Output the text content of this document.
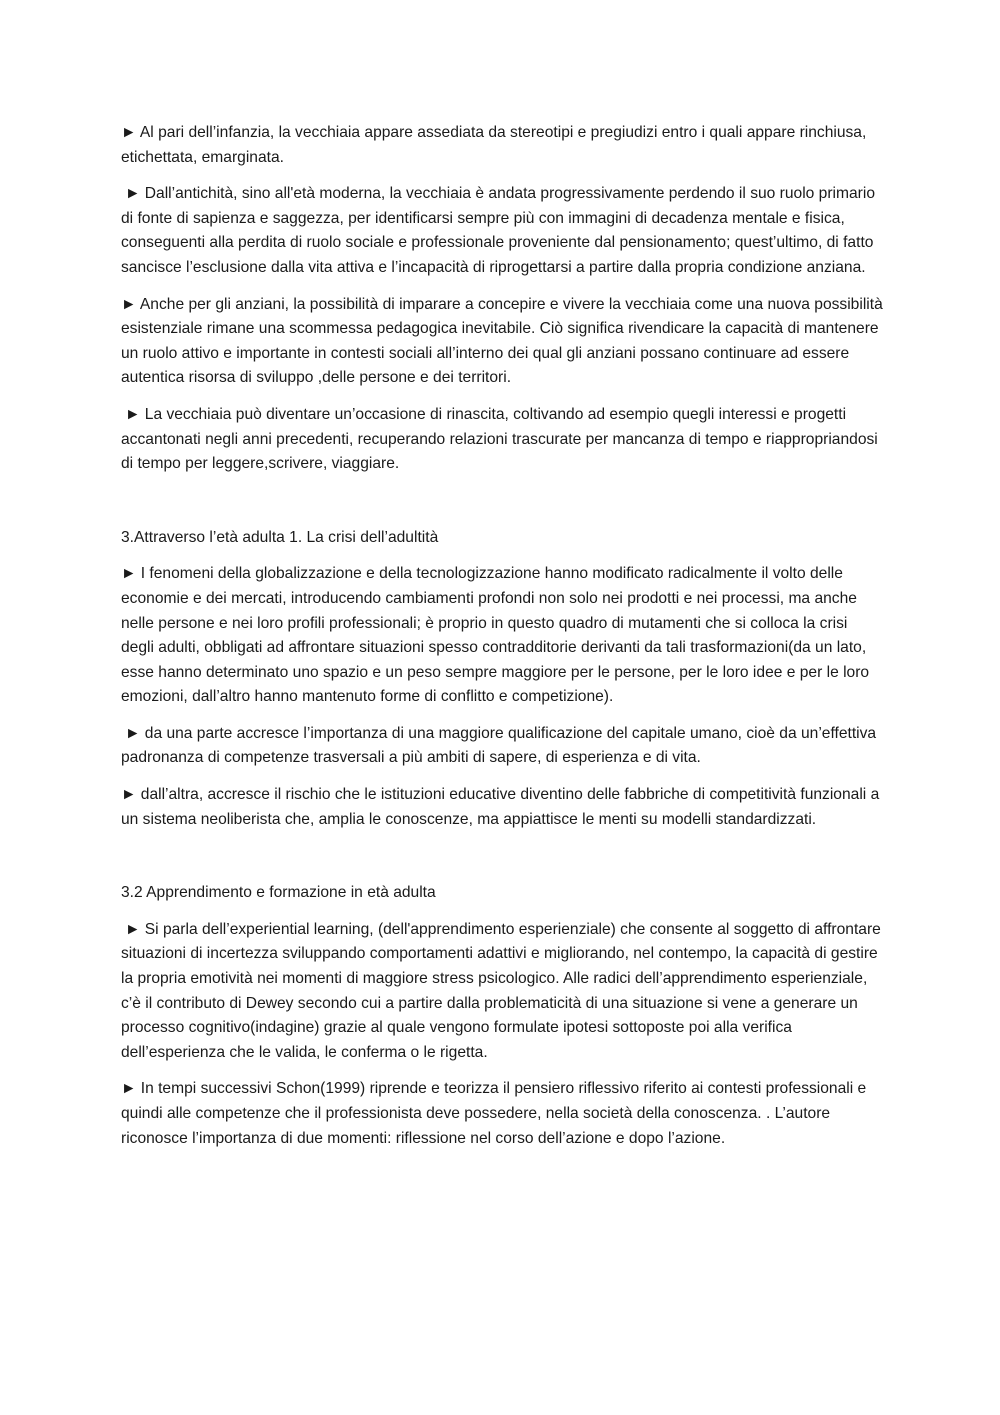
► Al pari dell’infanzia, la vecchiaia appare assediata da stereotipi e pregiudizi entro i quali appare rinchiusa, etichettata, emarginata.

► Dall’antichità, sino all'età moderna, la vecchiaia è andata progressivamente perdendo il suo ruolo primario di fonte di sapienza e saggezza, per identificarsi sempre più con immagini di decadenza mentale e fisica, conseguenti alla perdita di ruolo sociale e professionale proveniente dal pensionamento; quest’ultimo, di fatto sancisce l’esclusione dalla vita attiva e l’incapacità di riprogettarsi a partire dalla propria condizione anziana.

► Anche per gli anziani, la possibilità di imparare a concepire e vivere la vecchiaia come una nuova possibilità esistenziale rimane una scommessa pedagogica inevitabile. Ciò significa rivendicare la capacità di mantenere un ruolo attivo e importante in contesti sociali all’interno dei qual gli anziani possano continuare ad essere autentica risorsa di sviluppo ,delle persone e dei territori.

► La vecchiaia può diventare un’occasione di rinascita, coltivando ad esempio quegli interessi e progetti accantonati negli anni precedenti, recuperando relazioni trascurate per mancanza di tempo e riappropriandosi di tempo per leggere,scrivere, viaggiare.

3.Attraverso l’età adulta 1. La crisi dell’adultità

► I fenomeni della globalizzazione e della tecnologizzazione hanno modificato radicalmente il volto delle economie e dei mercati, introducendo cambiamenti profondi non solo nei prodotti e nei processi, ma anche nelle persone e nei loro profili professionali; è proprio in questo quadro di mutamenti che si colloca la crisi degli adulti, obbligati ad affrontare situazioni spesso contradditorie derivanti da tali trasformazioni(da un lato, esse hanno determinato uno spazio e un peso sempre maggiore per le persone, per le loro idee e per le loro emozioni, dall’altro hanno mantenuto forme di conflitto e competizione).

► da una parte accresce l’importanza di una maggiore qualificazione del capitale umano, cioè da un’effettiva padronanza di competenze trasversali a più ambiti di sapere, di esperienza e di vita.

► dall’altra, accresce il rischio che le istituzioni educative diventino delle fabbriche di competitività funzionali a un sistema neoliberista che, amplia le conoscenze, ma appiattisce le menti su modelli standardizzati.

3.2 Apprendimento e formazione in età adulta

► Si parla dell’experiential learning, (dell'apprendimento esperienziale) che consente al soggetto di affrontare situazioni di incertezza sviluppando comportamenti adattivi e migliorando, nel contempo, la capacità di gestire la propria emotività nei momenti di maggiore stress psicologico. Alle radici dell’apprendimento esperienziale, c’è il contributo di Dewey secondo cui a partire dalla problematicità di una situazione si vene a generare un processo cognitivo(indagine) grazie al quale vengono formulate ipotesi sottoposte poi alla verifica dell’esperienza che le valida, le conferma o le rigetta.

► In tempi successivi Schon(1999) riprende e teorizza il pensiero riflessivo riferito ai contesti professionali e quindi alle competenze che il professionista deve possedere, nella società della conoscenza. . L’autore riconosce l’importanza di due momenti: riflessione nel corso dell’azione e dopo l’azione.
